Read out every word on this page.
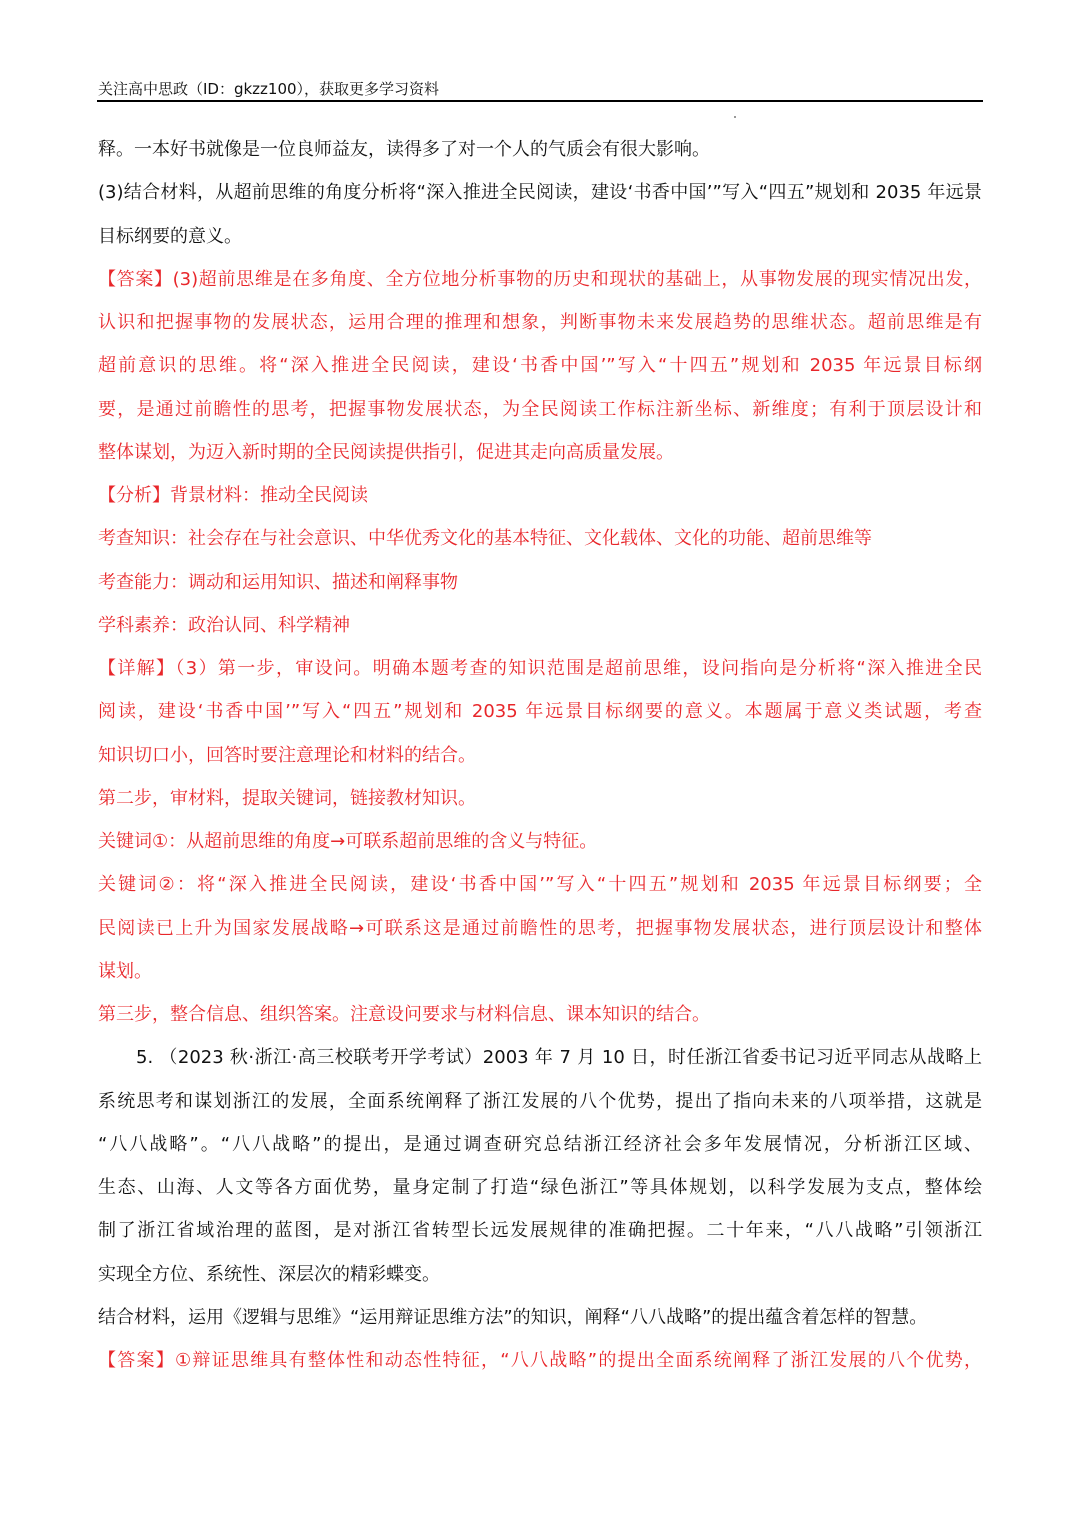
关注高中思政（ID：gkzz100），获取更多学习资料
释。一本好书就像是一位良师益友，读得多了对一个人的气质会有很大影响。
(3)结合材料，从超前思维的角度分析将“深入推进全民阅读，建设‘书香中国’”写入“四五”规划和 2035 年远景
目标纲要的意义。
【答案】(3)超前思维是在多角度、全方位地分析事物的历史和现状的基础上，从事物发展的现实情况出发，
认识和把握事物的发展状态，运用合理的推理和想象，判断事物未来发展趋势的思维状态。超前思维是有
超前意识的思维。将“深入推进全民阅读，建设‘书香中国’”写入“十四五”规划和 2035 年远景目标纲
要，是通过前瞻性的思考，把握事物发展状态，为全民阅读工作标注新坐标、新维度；有利于顶层设计和
整体谋划，为迈入新时期的全民阅读提供指引，促进其走向高质量发展。
【分析】背景材料：推动全民阅读
考查知识：社会存在与社会意识、中华优秀文化的基本特征、文化载体、文化的功能、超前思维等
考查能力：调动和运用知识、描述和阐释事物
学科素养：政治认同、科学精神
【详解】（3）第一步，审设问。明确本题考查的知识范围是超前思维，设问指向是分析将“深入推进全民
阅读，建设‘书香中国’”写入“四五”规划和 2035 年远景目标纲要的意义。本题属于意义类试题，考查
知识切口小，回答时要注意理论和材料的结合。
第二步，审材料，提取关键词，链接教材知识。
关键词①：从超前思维的角度→可联系超前思维的含义与特征。
关键词②：将“深入推进全民阅读，建设‘书香中国’”写入“十四五”规划和 2035 年远景目标纲要；全
民阅读已上升为国家发展战略→可联系这是通过前瞻性的思考，把握事物发展状态，进行顶层设计和整体
谋划。
第三步，整合信息、组织答案。注意设问要求与材料信息、课本知识的结合。
5. （2023 秋·浙江·高三校联考开学考试）2003 年 7 月 10 日，时任浙江省委书记习近平同志从战略上
系统思考和谋划浙江的发展，全面系统阐释了浙江发展的八个优势，提出了指向未来的八项举措，这就是
“八八战略”。“八八战略”的提出，是通过调查研究总结浙江经济社会多年发展情况，分析浙江区域、
生态、山海、人文等各方面优势，量身定制了打造“绿色浙江”等具体规划，以科学发展为支点，整体绘
制了浙江省域治理的蓝图，是对浙江省转型长远发展规律的准确把握。二十年来，“八八战略”引领浙江
实现全方位、系统性、深层次的精彩蝶变。
结合材料，运用《逻辑与思维》“运用辩证思维方法”的知识，阐释“八八战略”的提出蕴含着怎样的智慧。
【答案】①辩证思维具有整体性和动态性特征，“八八战略”的提出全面系统阐释了浙江发展的八个优势，
